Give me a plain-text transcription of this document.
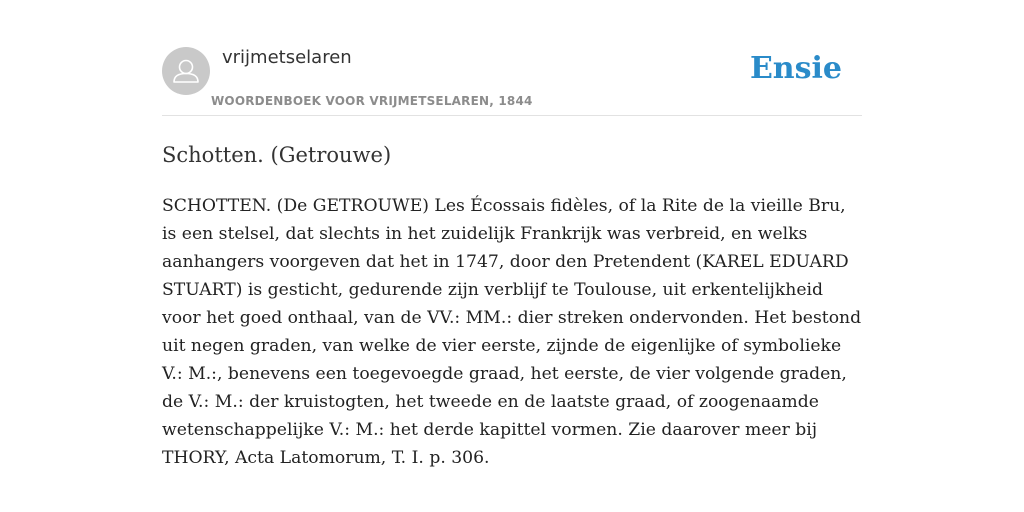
vrijmetselaren
WOORDENBOEK VOOR VRIJMETSELAREN, 1844
Ensie
Schotten. (Getrouwe)
SCHOTTEN. (De GETROUWE) Les Écossais fidèles, of la Rite de la vieille Bru, is een stelsel, dat slechts in het zuidelijk Frankrijk was verbreid, en welks aanhangers voorgeven dat het in 1747, door den Pretendent (KAREL EDUARD STUART) is gesticht, gedurende zijn verblijf te Toulouse, uit erkentelijkheid voor het goed onthaal, van de VV.: MM.: dier streken ondervonden. Het bestond uit negen graden, van welke de vier eerste, zijnde de eigenlijke of symbolieke V.: M.:, benevens een toegevoegde graad, het eerste, de vier volgende graden, de V.: M.: der kruistogten, het tweede en de laatste graad, of zoogenaamde wetenschappelijke V.: M.: het derde kapittel vormen. Zie daarover meer bij THORY, Acta Latomorum, T. I. p. 306.
